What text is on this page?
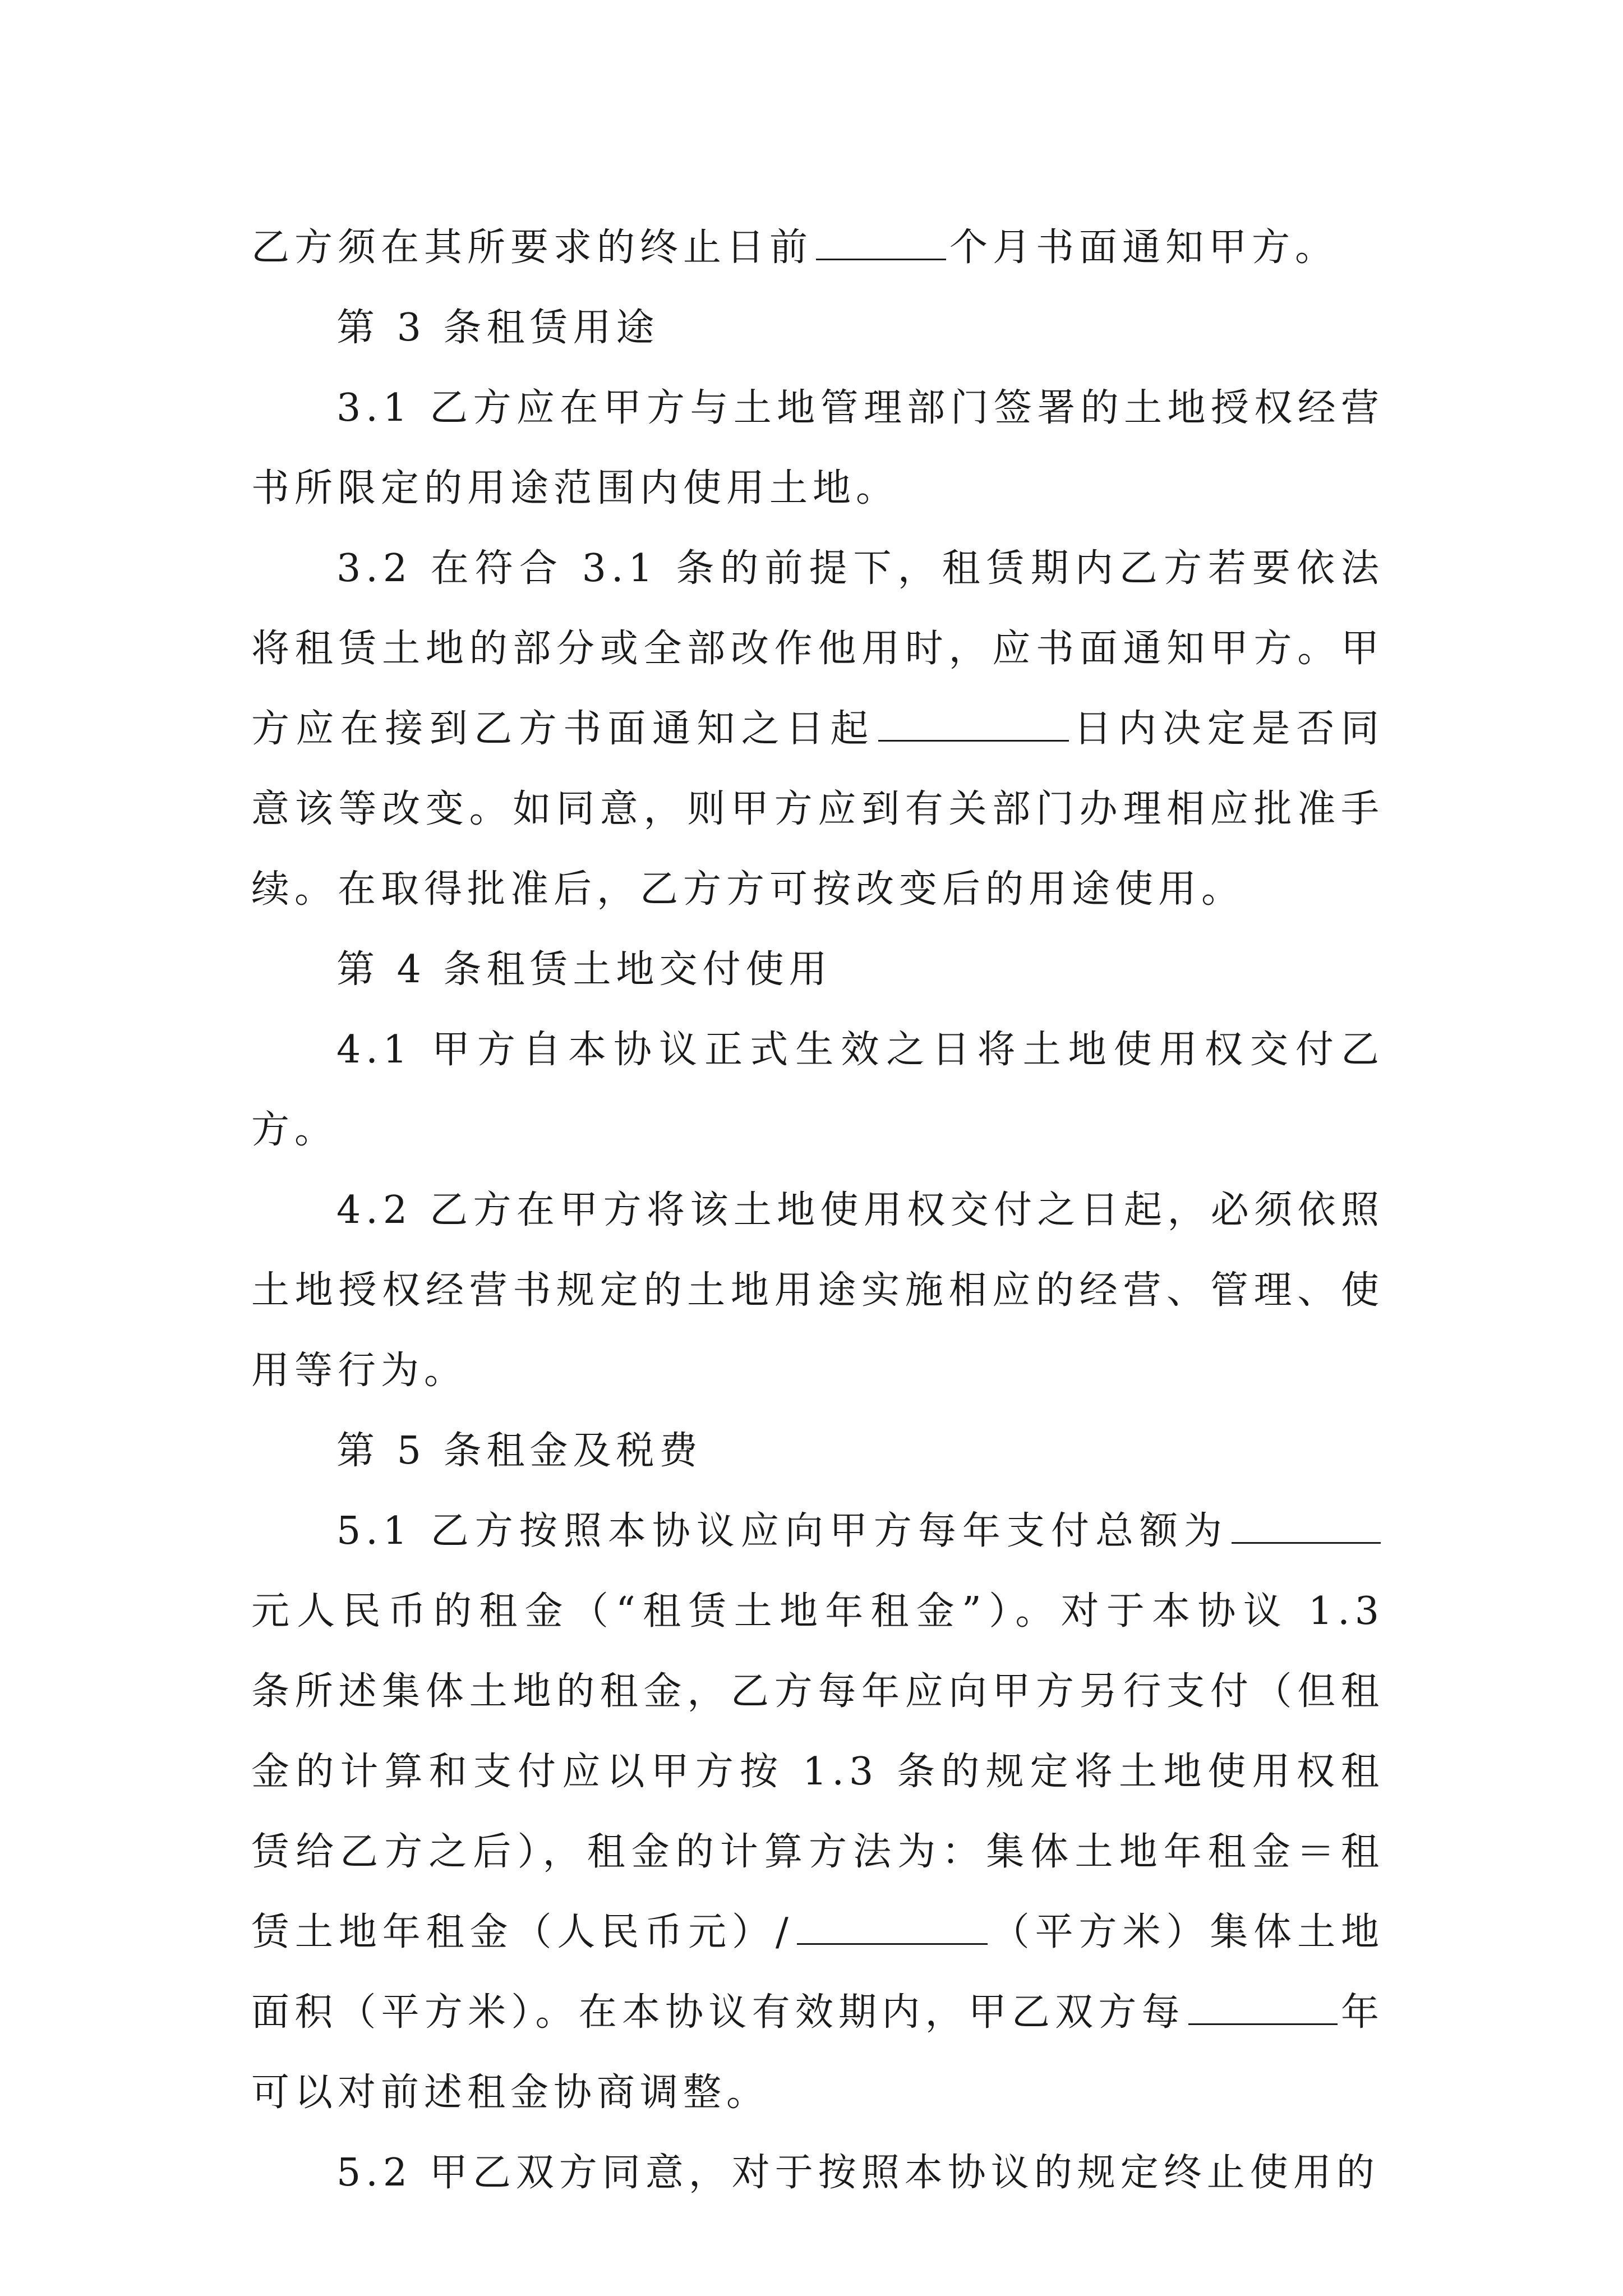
乙方须在其所要求的终止日前	个月书面通知甲方。

第 3 条租赁用途

3.1 乙方应在甲方与土地管理部门签署的土地授权经营书所限定的用途范围内使用土地。

3.2 在符合 3.1 条的前提下，租赁期内乙方若要依法将租赁土地的部分或全部改作他用时，应书面通知甲方。甲方应在接到乙方书面通知之日起	日内决定是否同意该等改变。如同意，则甲方应到有关部门办理相应批准手续。在取得批准后，乙方方可按改变后的用途使用。

第 4 条租赁土地交付使用

4.1 甲方自本协议正式生效之日将土地使用权交付乙方。

4.2 乙方在甲方将该土地使用权交付之日起，必须依照土地授权经营书规定的土地用途实施相应的经营、管理、使用等行为。

第 5 条租金及税费

5.1 乙方按照本协议应向甲方每年支付总额为元人民币的租金（“租赁土地年租金”）。对于本协议 1.3 条所述集体土地的租金，乙方每年应向甲方另行支付（但租金的计算和支付应以甲方按 1.3 条的规定将土地使用权租赁给乙方之后），租金的计算方法为：集体土地年租金＝租赁土地年租金（人民币元）/	（平方米）集体土地面积（平方米）。在本协议有效期内，甲乙双方每	年可以对前述租金协商调整。

5.2 甲乙双方同意，对于按照本协议的规定终止使用的
